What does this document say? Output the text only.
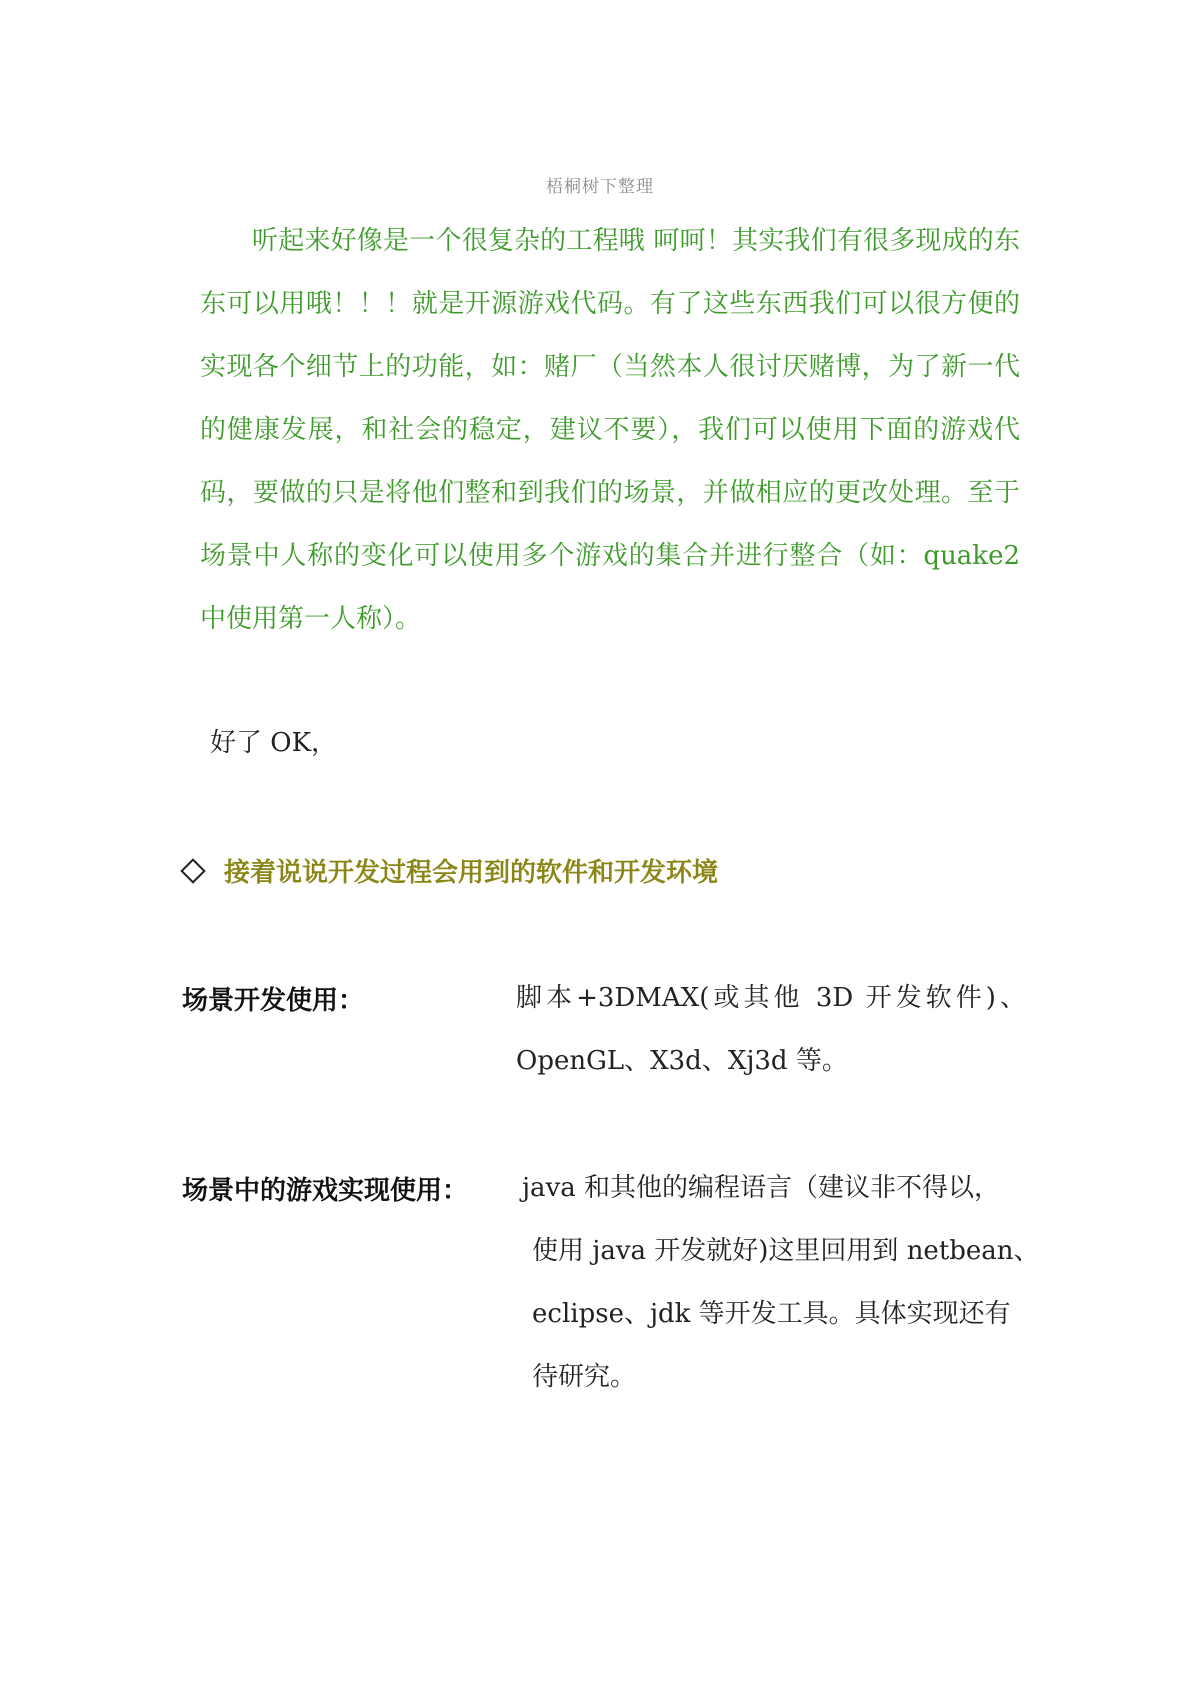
梧桐树下整理

听起来好像是一个很复杂的工程哦 呵呵！其实我们有很多现成的东东可以用哦！！！就是开源游戏代码。有了这些东西我们可以很方便的实现各个细节上的功能，如：赌厂（当然本人很讨厌赌博，为了新一代的健康发展，和社会的稳定，建议不要），我们可以使用下面的游戏代码，要做的只是将他们整和到我们的场景，并做相应的更改处理。至于场景中人称的变化可以使用多个游戏的集合并进行整合（如：quake2 中使用第一人称）。

好了 OK，

接着说说开发过程会用到的软件和开发环境

场景开发使用：	脚本+3DMAX(或其他 3D 开发软件)、

OpenGL、X3d、Xj3d 等。

场景中的游戏实现使用： java 和其他的编程语言（建议非不得以，

使用 java 开发就好)这里回用到 netbean、

eclipse、jdk 等开发工具。具体实现还有

待研究。
